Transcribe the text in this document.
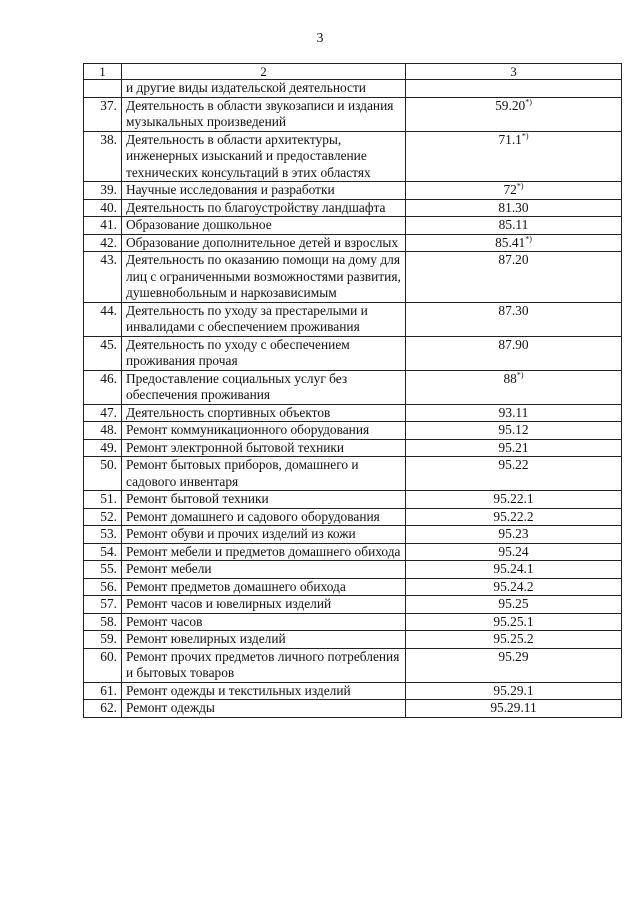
3
1	2	3
	и другие виды издательской деятельности	
37.	Деятельность в области звукозаписи и издания музыкальных произведений	59.20*)
38.	Деятельность в области архитектуры, инженерных изысканий и предоставление технических консультаций в этих областях	71.1*)
39.	Научные исследования и разработки	72*)
40.	Деятельность по благоустройству ландшафта	81.30
41.	Образование дошкольное	85.11
42.	Образование дополнительное детей и взрослых	85.41*)
43.	Деятельность по оказанию помощи на дому для лиц с ограниченными возможностями развития, душевнобольным и наркозависимым	87.20
44.	Деятельность по уходу за престарелыми и инвалидами с обеспечением проживания	87.30
45.	Деятельность по уходу с обеспечением проживания прочая	87.90
46.	Предоставление социальных услуг без обеспечения проживания	88*)
47.	Деятельность спортивных объектов	93.11
48.	Ремонт коммуникационного оборудования	95.12
49.	Ремонт электронной бытовой техники	95.21
50.	Ремонт бытовых приборов, домашнего и садового инвентаря	95.22
51.	Ремонт бытовой техники	95.22.1
52.	Ремонт домашнего и садового оборудования	95.22.2
53.	Ремонт обуви и прочих изделий из кожи	95.23
54.	Ремонт мебели и предметов домашнего обихода	95.24
55.	Ремонт мебели	95.24.1
56.	Ремонт предметов домашнего обихода	95.24.2
57.	Ремонт часов и ювелирных изделий	95.25
58.	Ремонт часов	95.25.1
59.	Ремонт ювелирных изделий	95.25.2
60.	Ремонт прочих предметов личного потребления и бытовых товаров	95.29
61.	Ремонт одежды и текстильных изделий	95.29.1
62.	Ремонт одежды	95.29.11
